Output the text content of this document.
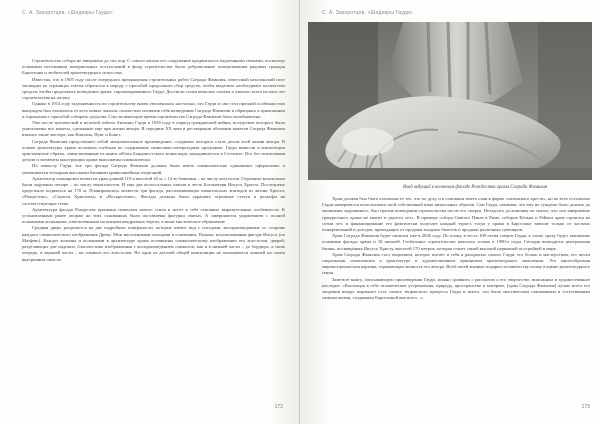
С. А. Закоротцев. «Шедевры Гауди»

Строительство собора не завершено до сих пор. С самого начала его сооружение продвигалось медленными темпами, поскольку основным источником материальных поступлений в фонд строительства были добровольные пожертвования рядовых граждан Барселоны и любителей архитектурного искусства.

Известно, что в 1905 году после очередного прекращения строительных работ Саграда Фамилия, известный каталонский поэт заговорил ко страницах газеты обратился к народу с просьбой продолжить сбор средств, чтобы выделить необходимое количество средств, чтобы продолжить возведение храма, спроектированного Гауди. Достигли сотни немалых оплаты и хватило всего на пять лет строительства на оплату.

Однако в 1914 году задолженность по строительству вновь увеличилась настолько, что Гауди и сам стал прочной особенностью вынужден был отказаться от всех новых заказов, полностью посвятив себя возведению Саграда Фамилии и обращаясь к прихожанам и горожанам с просьбой собирать средства. Спустя некоторое время строительство Саграда Фамилии было возобновлено.

Уже после трагической и нелепой гибели Антонио Гауди в 1936 году в период гражданской войны, вследствие которого были уничтожены все макеты, сделанные еще при жизни автора. В середине ХХ века в реставрации обломков макетов Саграда Фамилии взялись такие мастера, как Кинтана, Пуиг и Бонет.

Саграда Фамилия представляет собой монументальное произведение, созданное которого стало делом всей жизни автора. В основе архитектуры храма положена глубокая по содержанию символико-литературная программа. Гауди вынесли в композиции христианские образы, заимствованные из книги аббата Бандонестского монастыря, находившегося в Сеговиле. Все без исключения детали и элементы конструкции храма выполнены символически.

По замыслу Гауди, все три фасада Саграда Фамилия должны были иметь символические одинаковое оформление и увенчиваться четырьмя высокими башнями криволинейных очертаний.

Архитектор планировал возвести храм длиной 110 и высотой 45 м, с 12-ю башнями – по числу апостолов. Огромные колокольни были задуманы четыре – по числу евангелистов. И еще два колоссальных шпиля в честь Богоматери Иисуса Христа. Последнему предстояло подняться на 170 м. Планировалось возвести три фасада, рассказывающих евангельских эпизодов из жизни Христа: «Рождество», «Страсти Христовы» и «Воскресение». Фасады должны были украшать огромные статуи и рельефы на соответствующие темы.

Архитектура фасада Рождества признана символом нового стиля и несет в себе основные выразительные особенности. К установленным ранее опорам на этих основаниях были поставлены фигурки святых. А завершаются украшением с полной основными колоннами, ответвленными на шапкам квадратных чертах, в ниже мистическое обрамление.

Средняя дверь разделяется на две подробные поверхности, которые имеют вид с гнездами, воспроизведенные со стороны каждого символического изображения Древа. Меж наслоенными пальцами в основании. Пальма, использованная фигуре Иисуса (по Матфею). Каждое колонна и колоннами в архитектуре храма посвящены символическому изображению его апостолов, дверей, разделяющих две надписи, благочестиво изображенная с воспроизведением символов, как и в нижней части – до бордюра, в свою очередь, в верхней части – на символе его апостолов. Но одни из деталей общей композиции не оказываются лишней на своем внутреннем смысле.

172
С. А. Закоротцев. «Шедевры Гауди»
Вход ведущий в колонном фасаде Рождества храма Саграда Фамилия

Храм должен был быть отличным от тех, что по духу, и в основном иметь план в форме «латинского креста», но во всех остальных Гауди намеревался использовать свой собственный язык визуальных образов. Сам Гауди, понимая, что ему не суждено было дожить до окончания задуманного, был против возведения строительства после его смерти. Незадолго до кончины он сказал, что «на завершение грандиозного храма не хватит и двухсот лет». В примере собора Святого Павла в Риме, соборов Кёльна и Реймса храм строился на сотни лет, и финансирование его фактически получает каждый турист, тогда у храма в Барселоне зависят только от частных пожертвований и доходов, приходящих от продажи входных билетов и продажи различных сувениров.

Храм Саграда Фамилия будет окончен уже в 2026 году. По плану, в честь 100-летия смерти Гауди, к этому сроку будут закончены основные фасады храма и 18 шпилей. Глобальное строительство началось только в 1980-е годы. Сегодня возводится центральная башня, посвящённая Иисусу Христу, высотой 170 метров, которая станет самой высокой церковной постройкой в мире.

Храм Саграда Фамилия стал творением, которое питает и себя в раскрытых самого Гауди, его болью и мастерством, его почти сакральным отношением к архитектуре и художественным принципам архитектурного мышления. Это многообразная мировоззренческая картина, отражающая личность его автора. Всей своей жизнью подарил человечеству поэму в камне архитектурного гения.

Заметьте книгу, описывающую произведения Гауди, можно сравнить с рассказом о его творчестве, вписанном в художественное наследие. «Воплощая в себе человеческие устремления, природу, пространство и материю, [храм Саграда Фамилия] лучше всего его творения вокруг выражает суть самого творческого процесса Гауди и иного, что было мистическим пониманием и естественным гимном жизни, созданным Барселоной вне всего...»

173
